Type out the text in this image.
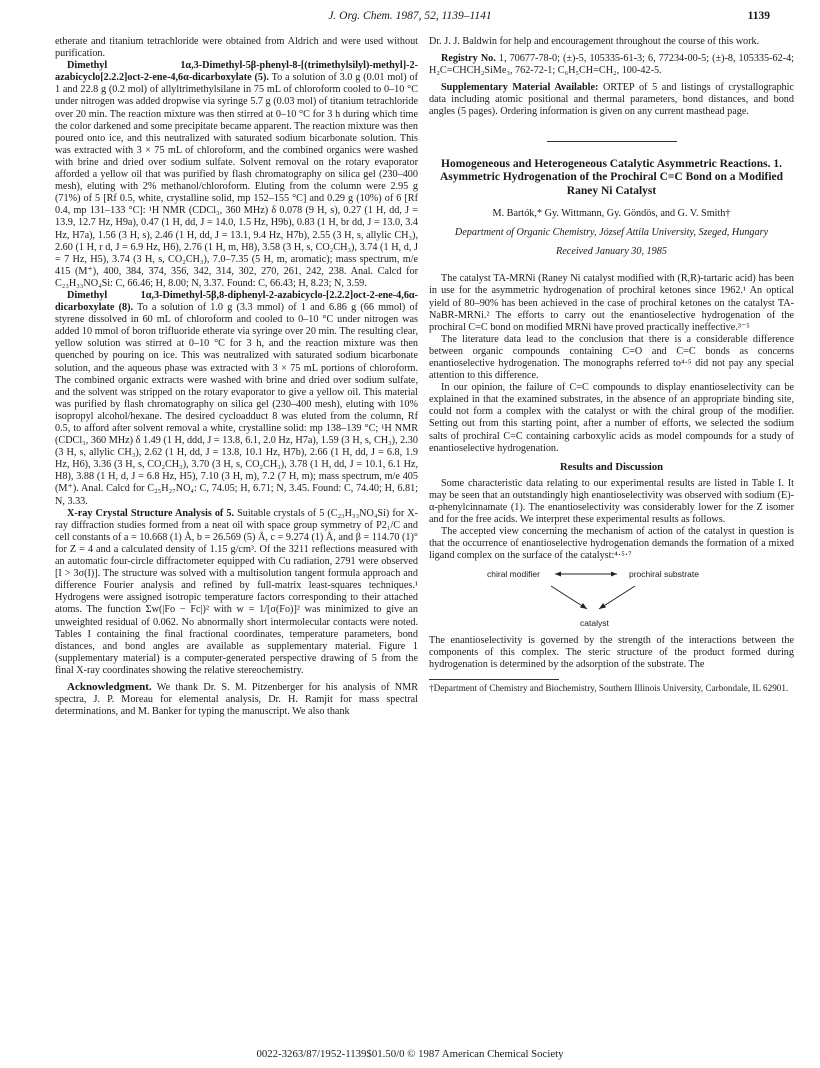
J. Org. Chem. 1987, 52, 1139–1141	1139

etherate and titanium tetrachloride were obtained from Aldrich and were used without purification.

Dimethyl 1α,3-Dimethyl-5β-phenyl-8-[(trimethylsilyl)-methyl]-2-azabicyclo[2.2.2]oct-2-ene-4,6α-dicarboxylate (5). To a solution of 3.0 g (0.01 mol) of 1 and 22.8 g (0.2 mol) of allyltrimethylsilane in 75 mL of chloroform cooled to 0–10 °C under nitrogen was added dropwise via syringe 5.7 g (0.03 mol) of titanium tetrachloride over 20 min. The reaction mixture was then stirred at 0–10 °C for 3 h during which time the color darkened and some precipitate became apparent. The reaction mixture was then poured onto ice, and this neutralized with saturated sodium bicarbonate solution. This was extracted with 3 × 75 mL of chloroform, and the combined organics were washed with brine and dried over sodium sulfate. Solvent removal on the rotary evaporator afforded a yellow oil that was purified by flash chromatography on silica gel (230–400 mesh), eluting with 2% methanol/chloroform. Eluting from the column were 2.95 g (71%) of 5 [Rf 0.5, white, crystalline solid, mp 152–155 °C] and 0.29 g (10%) of 6 [Rf 0.4, mp 131–133 °C]: ¹H NMR (CDCl₃, 360 MHz) δ 0.078 (9 H, s), 0.27 (1 H, dd, J = 13.9, 12.7 Hz, H9a), 0.47 (1 H, dd, J = 14.0, 1.5 Hz, H9b), 0.83 (1 H, br dd, J = 13.0, 3.4 Hz, H7a), 1.56 (3 H, s), 2.46 (1 H, dd, J = 13.1, 9.4 Hz, H7b), 2.55 (3 H, s, allylic CH₃), 2.60 (1 H, r d, J = 6.9 Hz, H6), 2.76 (1 H, m, H8), 3.58 (3 H, s, CO₂CH₃), 3.74 (1 H, d, J = 7 Hz, H5), 3.74 (3 H, s, CO₂CH₃), 7.0–7.35 (5 H, m, aromatic); mass spectrum, m/e 415 (M⁺), 400, 384, 374, 356, 342, 314, 302, 270, 261, 242, 238. Anal. Calcd for C₂₃H₃₃NO₄Si: C, 66.46; H, 8.00; N, 3.37. Found: C, 66.43; H, 8.23; N, 3.59.

Dimethyl 1α,3-Dimethyl-5β,8-diphenyl-2-azabicyclo-[2.2.2]oct-2-ene-4,6α-dicarboxylate (8). To a solution of 1.0 g (3.3 mmol) of 1 and 6.86 g (66 mmol) of styrene dissolved in 60 mL of chloroform and cooled to 0–10 °C under nitrogen was added 10 mmol of boron trifluoride etherate via syringe over 20 min. The resulting clear, yellow solution was stirred at 0–10 °C for 3 h, and the reaction mixture was then quenched by pouring on ice. This was neutralized with saturated sodium bicarbonate solution, and the aqueous phase was extracted with 3 × 75 mL portions of chloroform. The combined organic extracts were washed with brine and dried over sodium sulfate, and the solvent was stripped on the rotary evaporator to give a yellow oil. This material was purified by flash chromatography on silica gel (230–400 mesh), eluting with 10% isopropyl alcohol/hexane. The desired cycloadduct 8 was eluted from the column, Rf 0.5, to afford after solvent removal a white, crystalline solid: mp 138–139 °C; ¹H NMR (CDCl₃, 360 MHz) δ 1.49 (1 H, ddd, J = 13.8, 6.1, 2.0 Hz, H7a), 1.59 (3 H, s, CH₃), 2.30 (3 H, s, allylic CH₃), 2.62 (1 H, dd, J = 13.8, 10.1 Hz, H7b), 2.66 (1 H, dd, J = 6.8, 1.9 Hz, H6), 3.36 (3 H, s, CO₂CH₃), 3.70 (3 H, s, CO₂CH₃), 3.78 (1 H, dd, J = 10.1, 6.1 Hz, H8), 3.88 (1 H, d, J = 6.8 Hz, H5), 7.10 (3 H, m), 7.2 (7 H, m); mass spectrum, m/e 405 (M⁺). Anal. Calcd for C₂₅H₂₇NO₄: C, 74.05; H, 6.71; N, 3.45. Found: C, 74.40; H, 6.81; N, 3.33.

X-ray Crystal Structure Analysis of 5. Suitable crystals of 5 (C₂₃H₃₃NO₄Si) for X-ray diffraction studies formed from a neat oil with space group symmetry of P2₁/C and cell constants of a = 10.668 (1) Å, b = 26.569 (5) Å, c = 9.274 (1) Å, and β = 114.70 (1)° for Z = 4 and a calculated density of 1.15 g/cm³. Of the 3211 reflections measured with an automatic four-circle diffractometer equipped with Cu radiation, 2791 were observed [I > 3σ(I)]. The structure was solved with a multisolution tangent formula approach and difference Fourier analysis and refined by full-matrix least-squares techniques.¹ Hydrogens were assigned isotropic temperature factors corresponding to their attached atoms. The function Σw(|Fo − Fc|)² with w = 1/[σ(Fo)]² was minimized to give an unweighted residual of 0.062. No abnormally short intermolecular contacts were noted. Tables I containing the final fractional coordinates, temperature parameters, bond distances, and bond angles are available as supplementary material. Figure 1 (supplementary material) is a computer-generated perspective drawing of 5 from the final X-ray coordinates showing the relative stereochemistry.

Acknowledgment. We thank Dr. S. M. Pitzenberger for his analysis of NMR spectra, J. P. Moreau for elemental analysis, Dr. H. Ramjit for mass spectral determinations, and M. Banker for typing the manuscript. We also thank

Dr. J. J. Baldwin for help and encouragement throughout the course of this work.

Registry No. 1, 70677-78-0; (±)-5, 105335-61-3; 6, 77234-00-5; (±)-8, 105335-62-4; H₂C=CHCH₂SiMe₃, 762-72-1; C₆H₅CH=CH₂, 100-42-5.

Supplementary Material Available: ORTEP of 5 and listings of crystallographic data including atomic positional and thermal parameters, bond distances, and bond angles (5 pages). Ordering information is given on any current masthead page.

Homogeneous and Heterogeneous Catalytic Asymmetric Reactions. 1. Asymmetric Hydrogenation of the Prochiral C=C Bond on a Modified Raney Ni Catalyst
M. Bartók,* Gy. Wittmann, Gy. Göndös, and G. V. Smith†
Department of Organic Chemistry, József Attila University, Szeged, Hungary
Received January 30, 1985

The catalyst TA-MRNi (Raney Ni catalyst modified with (R,R)-tartaric acid) has been in use for the asymmetric hydrogenation of prochiral ketones since 1962.¹ An optical yield of 80–90% has been achieved in the case of prochiral ketones on the catalyst TA-NaBR-MRNi.² The efforts to carry out the enantioselective hydrogenation of the prochiral C=C bond on modified MRNi have proved practically ineffective.³⁻⁵

The literature data lead to the conclusion that there is a considerable difference between organic compounds containing C=O and C=C bonds as concerns enantioselective hydrogenation. The monographs referred to⁴·⁵ did not pay any special attention to this difference.

In our opinion, the failure of C=C compounds to display enantioselectivity can be explained in that the examined substrates, in the absence of an appropriate binding site, could not form a complex with the catalyst or with the chiral group of the modifier. Setting out from this starting point, after a number of efforts, we selected the sodium salts of prochiral C=C containing carboxylic acids as model compounds for a study of enantioselective hydrogenation.

Results and Discussion

Some characteristic data relating to our experimental results are listed in Table I. It may be seen that an outstandingly high enantioselectivity was observed with sodium (E)-α-phenylcinnamate (1). The enantioselectivity was considerably lower for the Z isomer and for the free acids. We interpret these experimental results as follows.

The accepted view concerning the mechanism of action of the catalyst in question is that the occurrence of enantioselective hydrogenation demands the formation of a mixed ligand complex on the surface of the catalyst:⁴·⁵·⁷

chiral modifier	prochiral substrate
catalyst

The enantioselectivity is governed by the strength of the interactions between the components of this complex. The steric structure of the product formed during hydrogenation is determined by the adsorption of the substrate. The

†Department of Chemistry and Biochemistry, Southern Illinois University, Carbondale, IL 62901.
0022-3263/87/1952-1139$01.50/0 © 1987 American Chemical Society
